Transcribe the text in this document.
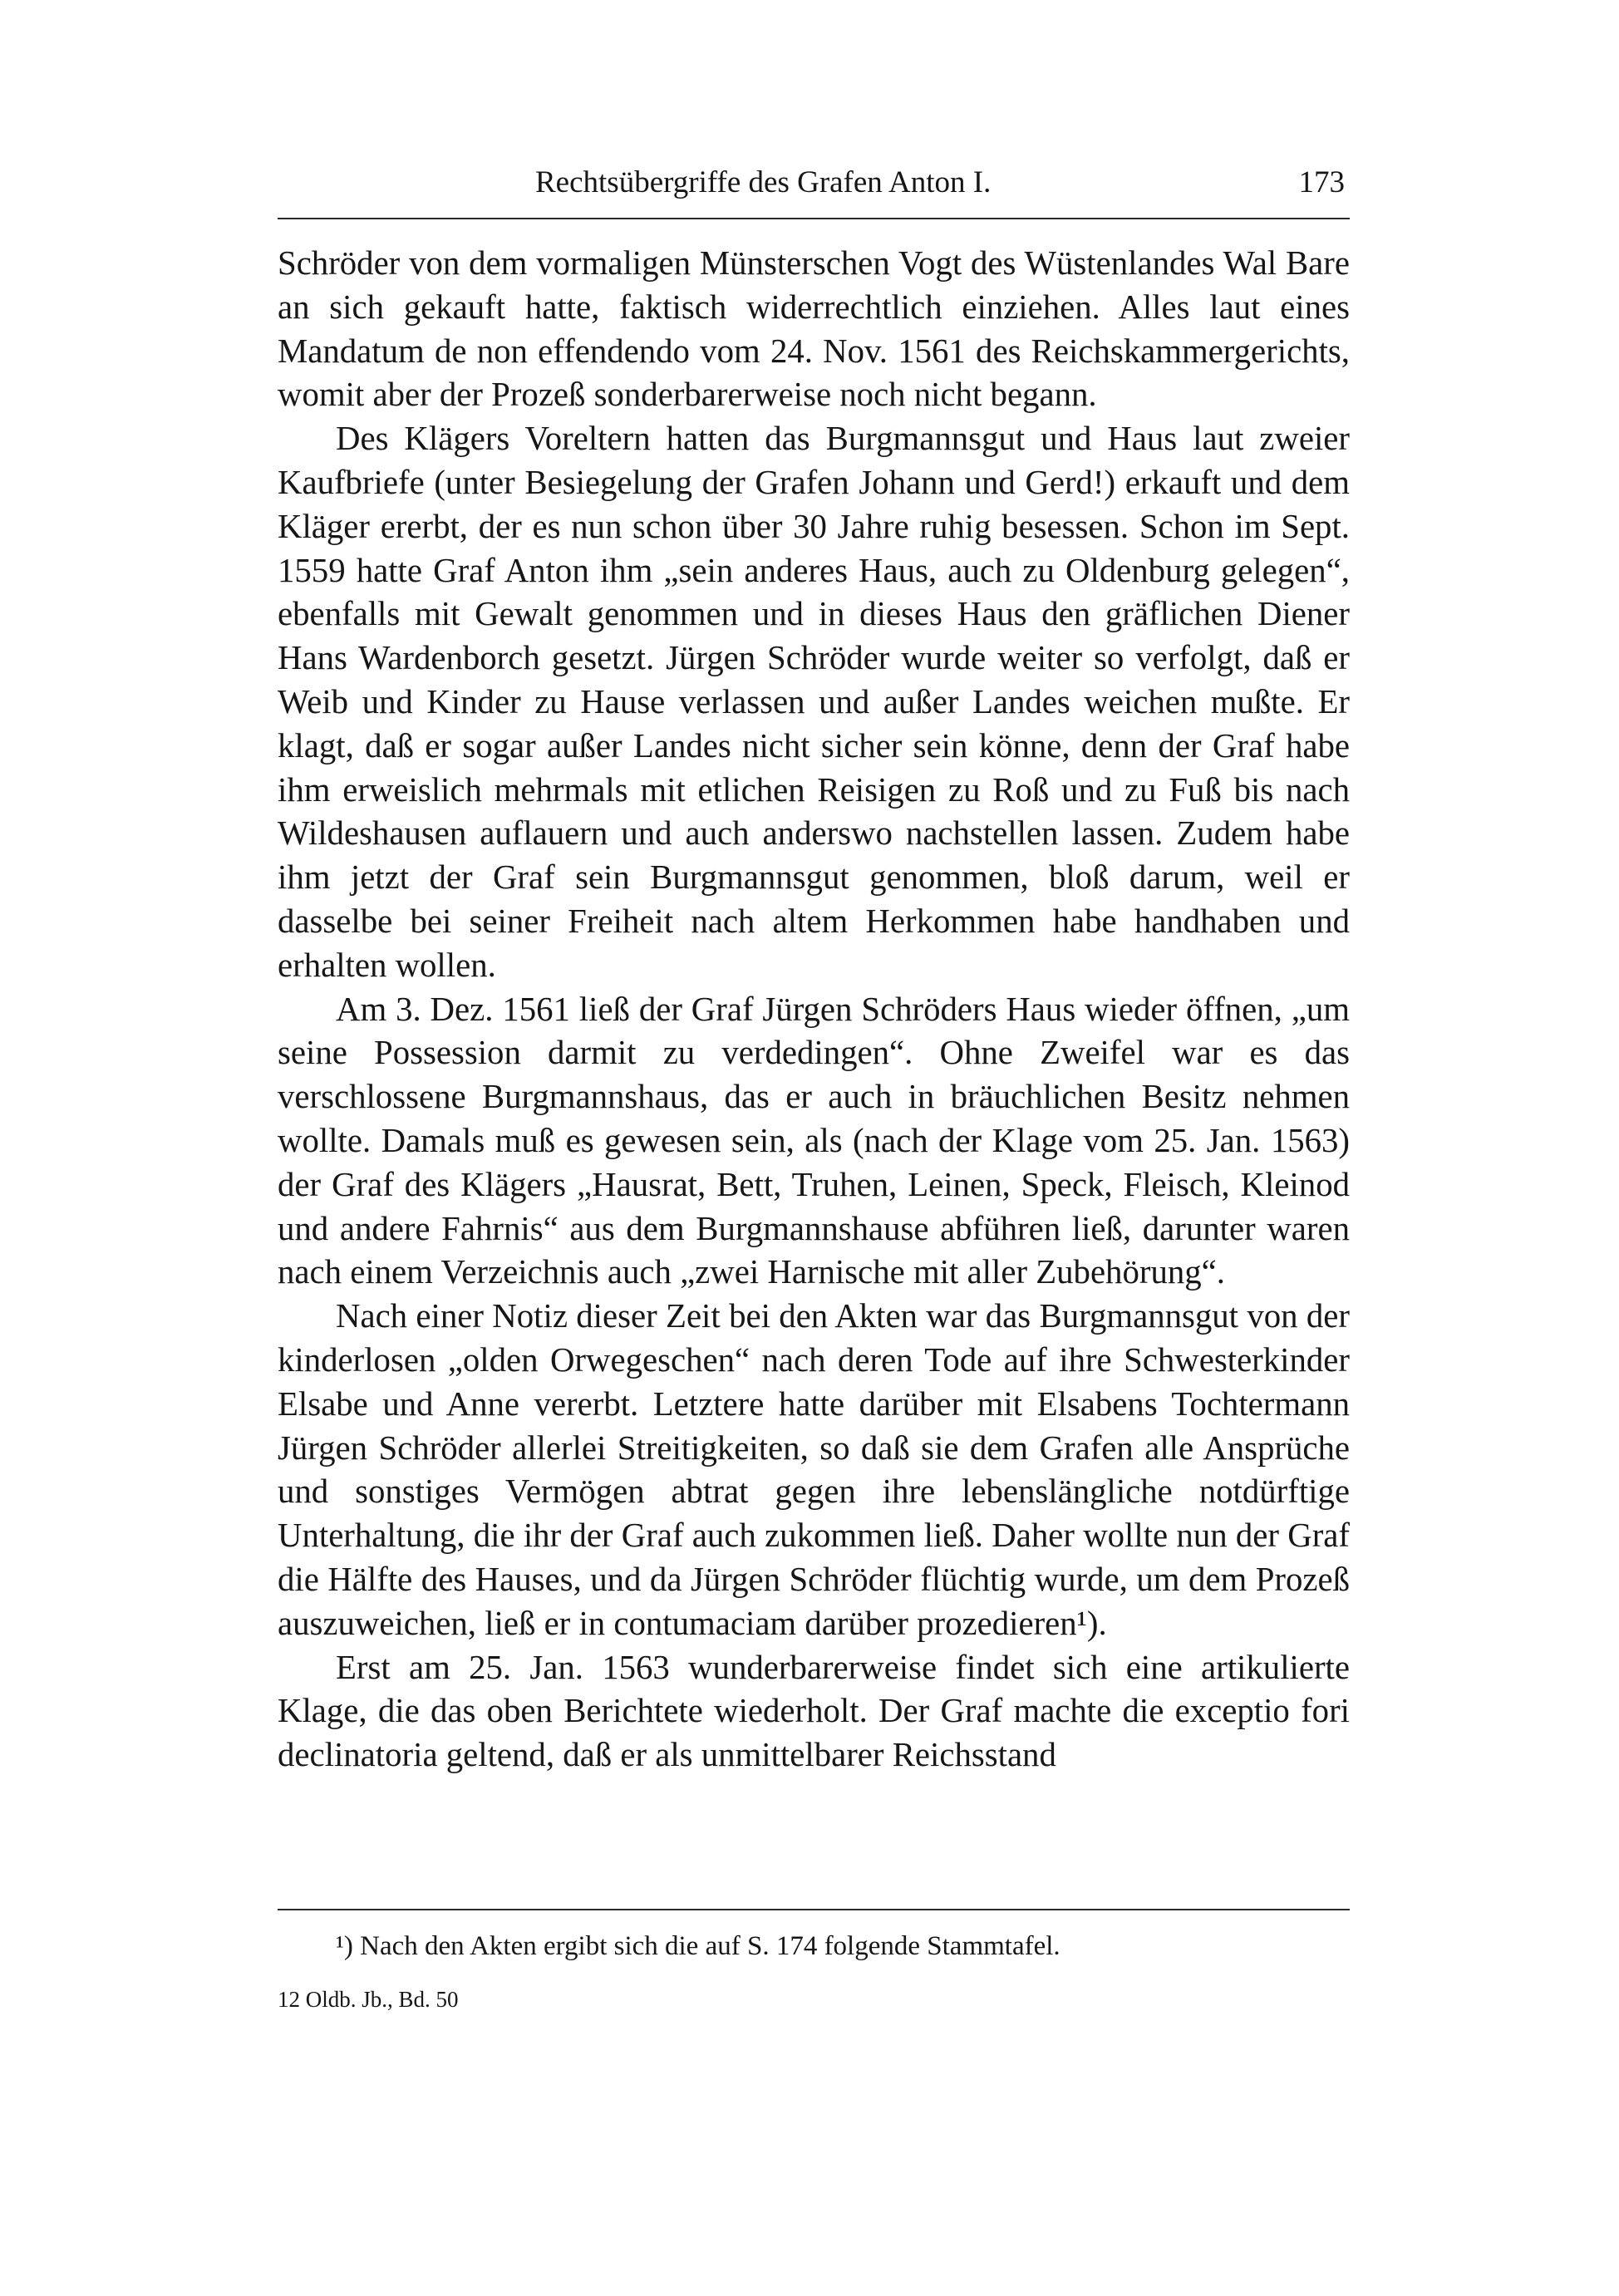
Rechtsübergriffe des Grafen Anton I.	173

Schröder von dem vormaligen Münsterschen Vogt des Wüstenlandes Wal Bare an sich gekauft hatte, faktisch widerrechtlich einziehen. Alles laut eines Mandatum de non effendendo vom 24. Nov. 1561 des Reichskammergerichts, womit aber der Prozeß sonderbarerweise noch nicht begann.

Des Klägers Voreltern hatten das Burgmannsgut und Haus laut zweier Kaufbriefe (unter Besiegelung der Grafen Johann und Gerd!) erkauft und dem Kläger ererbt, der es nun schon über 30 Jahre ruhig besessen. Schon im Sept. 1559 hatte Graf Anton ihm „sein anderes Haus, auch zu Oldenburg gelegen“, ebenfalls mit Gewalt genommen und in dieses Haus den gräflichen Diener Hans Wardenborch gesetzt. Jürgen Schröder wurde weiter so verfolgt, daß er Weib und Kinder zu Hause verlassen und außer Landes weichen mußte. Er klagt, daß er sogar außer Landes nicht sicher sein könne, denn der Graf habe ihm erweislich mehrmals mit etlichen Reisigen zu Roß und zu Fuß bis nach Wildeshausen auflauern und auch anderswo nachstellen lassen. Zudem habe ihm jetzt der Graf sein Burgmannsgut genommen, bloß darum, weil er dasselbe bei seiner Freiheit nach altem Herkommen habe handhaben und erhalten wollen.

Am 3. Dez. 1561 ließ der Graf Jürgen Schröders Haus wieder öffnen, „um seine Possession darmit zu verdedingen“. Ohne Zweifel war es das verschlossene Burgmannshaus, das er auch in bräuchlichen Besitz nehmen wollte. Damals muß es gewesen sein, als (nach der Klage vom 25. Jan. 1563) der Graf des Klägers „Hausrat, Bett, Truhen, Leinen, Speck, Fleisch, Kleinod und andere Fahrnis“ aus dem Burgmannshause abführen ließ, darunter waren nach einem Verzeichnis auch „zwei Harnische mit aller Zubehörung“.

Nach einer Notiz dieser Zeit bei den Akten war das Burgmannsgut von der kinderlosen „olden Orwegeschen“ nach deren Tode auf ihre Schwesterkinder Elsabe und Anne vererbt. Letztere hatte darüber mit Elsabens Tochtermann Jürgen Schröder allerlei Streitigkeiten, so daß sie dem Grafen alle Ansprüche und sonstiges Vermögen abtrat gegen ihre lebenslängliche notdürftige Unterhaltung, die ihr der Graf auch zukommen ließ. Daher wollte nun der Graf die Hälfte des Hauses, und da Jürgen Schröder flüchtig wurde, um dem Prozeß auszuweichen, ließ er in contumaciam darüber prozedieren¹).

Erst am 25. Jan. 1563 wunderbarerweise findet sich eine artikulierte Klage, die das oben Berichtete wiederholt. Der Graf machte die exceptio fori declinatoria geltend, daß er als unmittelbarer Reichsstand

¹) Nach den Akten ergibt sich die auf S. 174 folgende Stammtafel.
12 Oldb. Jb., Bd. 50
